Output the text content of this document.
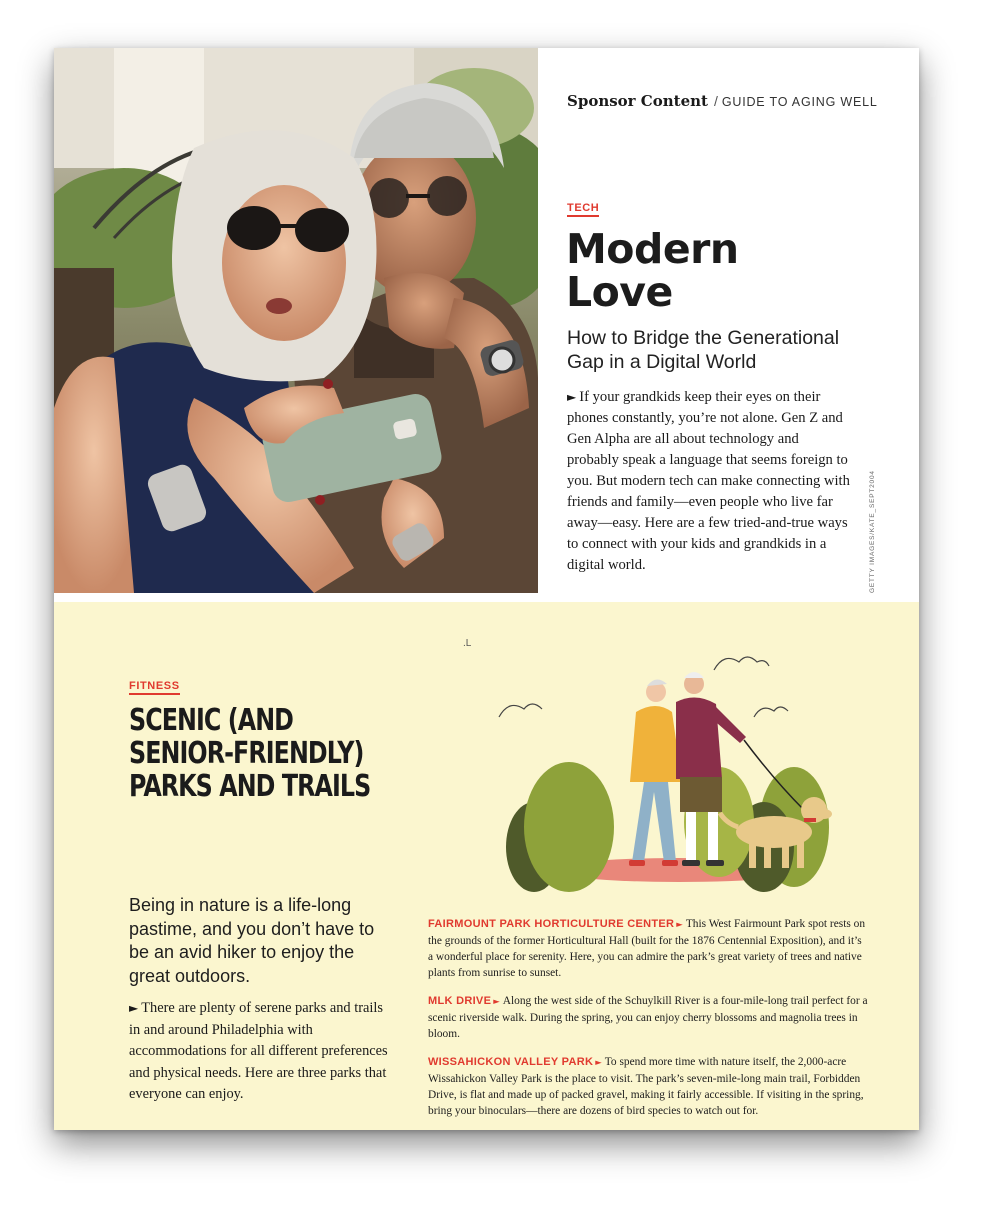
Sponsor Content / GUIDE TO AGING WELL
TECH
Modern
Love
How to Bridge the Generational Gap in a Digital World
► If your grandkids keep their eyes on their phones constantly, you’re not alone. Gen Z and Gen Alpha are all about technology and probably speak a language that seems foreign to you. But modern tech can make connecting with friends and family—even people who live far away—easy. Here are a few tried-and-true ways to connect with your kids and grandkids in a digital world.	GETTY IMAGES/KATE_SEPT2004
.L
FITNESS
SCENIC (AND
SENIOR-FRIENDLY)
PARKS AND TRAILS
Being in nature is a life-long pastime, and you don’t have to be an avid hiker to enjoy the great outdoors.
► There are plenty of serene parks and trails in and around Philadelphia with accommodations for all different preferences and physical needs. Here are three parks that everyone can enjoy.
FAIRMOUNT PARK HORTICULTURE CENTER ► This West Fairmount Park spot rests on the grounds of the former Horticultural Hall (built for the 1876 Centennial Exposition), and it’s a wonderful place for serenity. Here, you can admire the park’s great variety of trees and native plants from sunrise to sunset.
MLK DRIVE ► Along the west side of the Schuylkill River is a four-mile-long trail perfect for a scenic riverside walk. During the spring, you can enjoy cherry blossoms and magnolia trees in bloom.
WISSAHICKON VALLEY PARK ► To spend more time with nature itself, the 2,000-acre Wissahickon Valley Park is the place to visit. The park’s seven-mile-long main trail, Forbidden Drive, is flat and made up of packed gravel, making it fairly accessible. If visiting in the spring, bring your binoculars—there are dozens of bird species to watch out for.
